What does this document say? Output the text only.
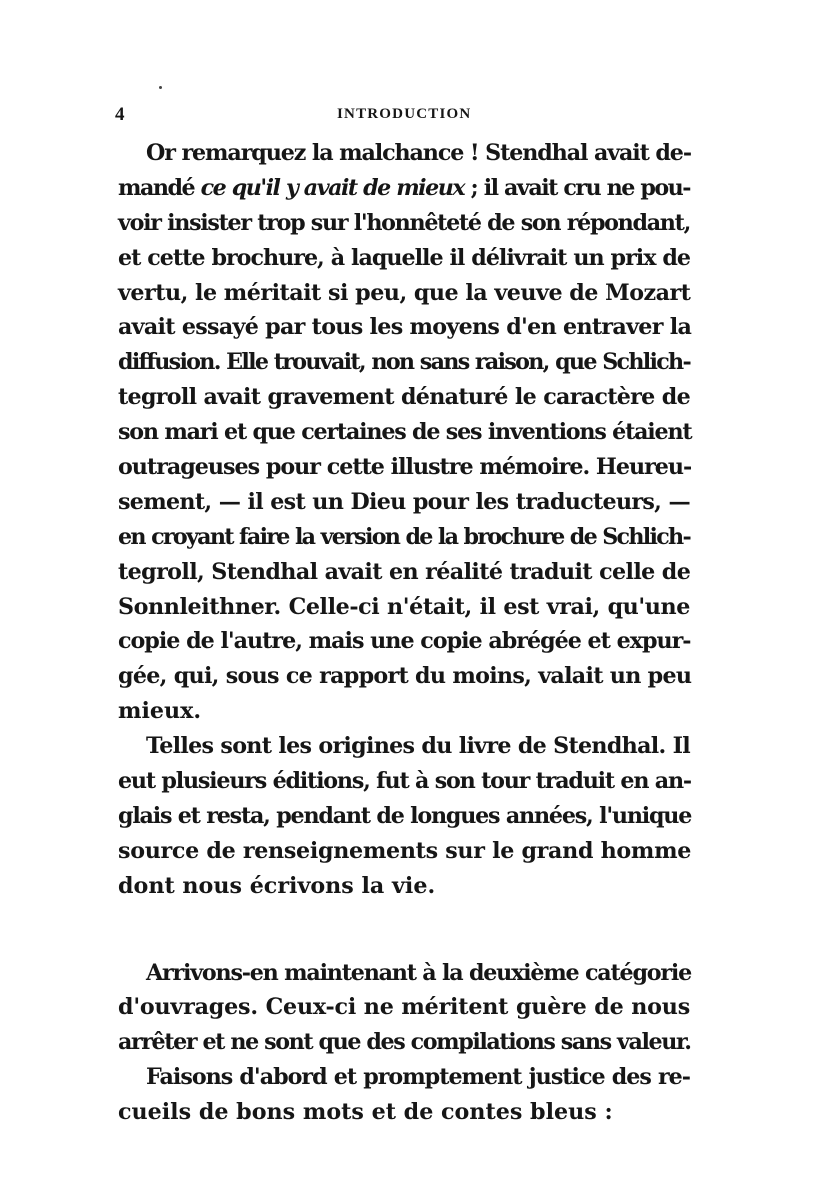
4	INTRODUCTION
Or remarquez la malchance ! Stendhal avait de-
mandé ce qu'il y avait de mieux ; il avait cru ne pou-
voir insister trop sur l'honnêteté de son répondant,
et cette brochure, à laquelle il délivrait un prix de
vertu, le méritait si peu, que la veuve de Mozart
avait essayé par tous les moyens d'en entraver la
diffusion. Elle trouvait, non sans raison, que Schlich-
tegroll avait gravement dénaturé le caractère de
son mari et que certaines de ses inventions étaient
outrageuses pour cette illustre mémoire. Heureu-
sement, — il est un Dieu pour les traducteurs, —
en croyant faire la version de la brochure de Schlich-
tegroll, Stendhal avait en réalité traduit celle de
Sonnleithner. Celle-ci n'était, il est vrai, qu'une
copie de l'autre, mais une copie abrégée et expur-
gée, qui, sous ce rapport du moins, valait un peu
mieux.
Telles sont les origines du livre de Stendhal. Il
eut plusieurs éditions, fut à son tour traduit en an-
glais et resta, pendant de longues années, l'unique
source de renseignements sur le grand homme
dont nous écrivons la vie.
Arrivons-en maintenant à la deuxième catégorie
d'ouvrages. Ceux-ci ne méritent guère de nous
arrêter et ne sont que des compilations sans valeur.
Faisons d'abord et promptement justice des re-
cueils de bons mots et de contes bleus :
